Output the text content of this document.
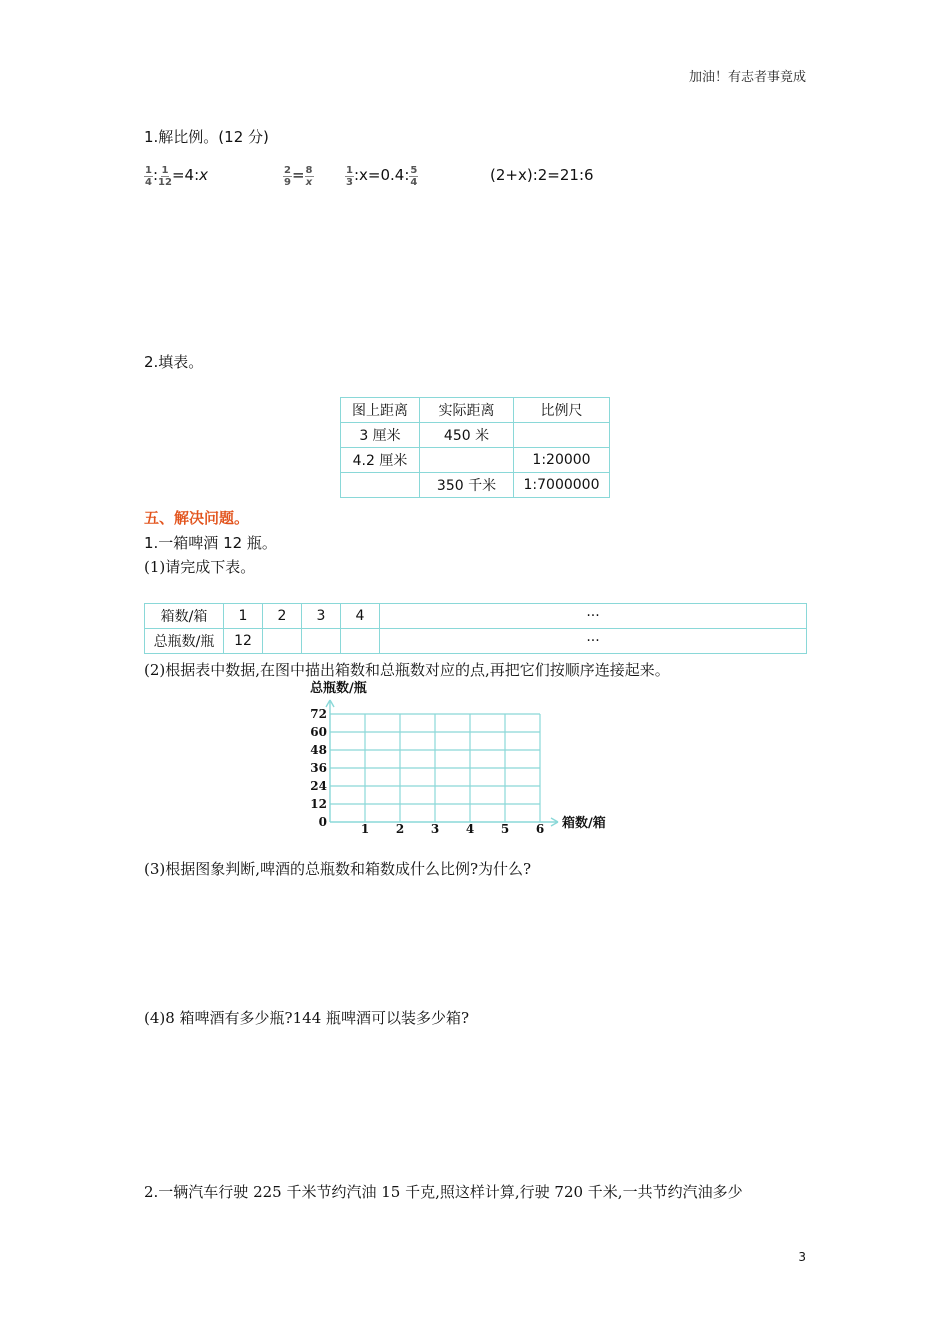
加油！有志者事竟成
1.解比例。(12 分)
$\frac{1}{4}$ : $\frac{1}{12} =4$: x	$\frac{2}{9} = \frac{8}{x}$	$\frac{1}{3}$ :x=0.4: $\frac{5}{4}$	(2+x):2=21:6
2.填表。
图上距离	实际距离	比例尺
3 厘米	450 米	
4.2 厘米		1:20000
	350 千米	1:7000000
五、解决问题。
1.一箱啤酒 12 瓶。
(1)请完成下表。
箱数/箱	1	2	3	4	···
总瓶数/瓶	12				···
(2)根据表中数据,在图中描出箱数和总瓶数对应的点,再把它们按顺序连接起来。
总瓶数/瓶
箱数/箱
1 2 3 4 5 6
0
12
24
36
48
60
72
(3)根据图象判断,啤酒的总瓶数和箱数成什么比例?为什么?
(4)8 箱啤酒有多少瓶?144 瓶啤酒可以装多少箱?
2.一辆汽车行驶 225 千米节约汽油 15 千克,照这样计算,行驶 720 千米,一共节约汽油多少
3
